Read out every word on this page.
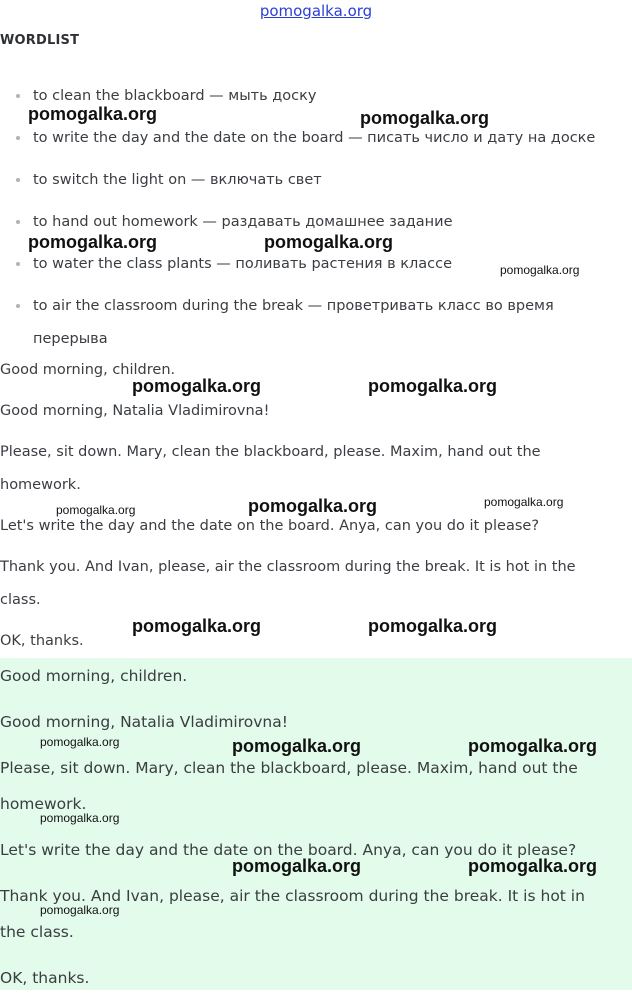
pomogalka.org
WORDLIST
to clean the blackboard — мыть доску
to write the day and the date on the board — писать число и дату на доске
to switch the light on — включать свет
to hand out homework — раздавать домашнее задание
to water the class plants — поливать растения в классе
to air the classroom during the break — проветривать класс во время перерыва

Good morning, children.

Good morning, Natalia Vladimirovna!

Please, sit down. Mary, clean the blackboard, please. Maxim, hand out the homework.

Let's write the day and the date on the board. Anya, can you do it please?

Thank you. And Ivan, please, air the classroom during the break. It is hot in the class.

OK, thanks.

Good morning, children.

Good morning, Natalia Vladimirovna!

Please, sit down. Mary, clean the blackboard, please. Maxim, hand out the homework.

Let's write the day and the date on the board. Anya, can you do it please?

Thank you. And Ivan, please, air the classroom during the break. It is hot in the class.

OK, thanks.

pomogalka.org	pomogalka.org
pomogalka.org	pomogalka.org
pomogalka.org
pomogalka.org	pomogalka.org
pomogalka.org	pomogalka.org	pomogalka.org
pomogalka.org	pomogalka.org
pomogalka.org	pomogalka.org	pomogalka.org
pomogalka.org
pomogalka.org	pomogalka.org
pomogalka.org
